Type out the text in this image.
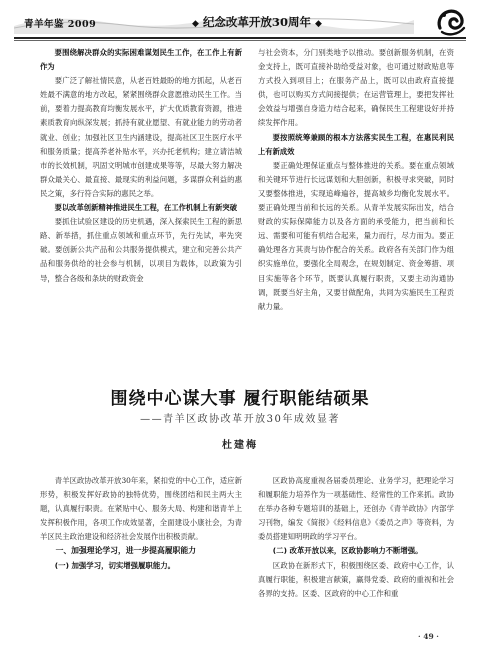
青羊年鉴 2009	◆ 纪念改革开放30周年 ◆

要围绕解决群众的实际困难谋划民生工作，在工作上有新作为

要广泛了解社情民意，从老百姓最盼的地方抓起，从老百姓最不满意的地方改起，紧紧围绕群众意愿推动民生工作。当前，要着力提高教育均衡发展水平，扩大优质教育资源，推进素质教育向纵深发展；抓持有就业愿望、有就业能力的劳动者就业、创业；加强社区卫生内涵建设，提高社区卫生医疗水平和服务质量；提高养老补贴水平，兴办托老机构；建立请洁城市的长效机制，巩固文明城市创建成果等等，尽最大努力解决群众最关心、最直接、最现实的利益问题，多谋群众利益的惠民之策，多行符合实际的惠民之举。

要以改革创新精神推进民生工程，在工作机制上有新突破

要抓住试验区建设的历史机遇，深入探索民生工程的新思路、新举措，抓住重点领域和重点环节，先行先试，率先突破。要创新公共产品和公共服务提供模式，建立和完善公共产品和服务供给的社会参与机制，以项目为载体，以政策为引导，整合各级和条块的财政资金

与社会资本，分门别类地予以推动。要创新服务机制，在资金支持上，既可直接补助给受益对象，也可通过财政贴息等方式投入到项目上；在服务产品上，既可以由政府直接提供，也可以购买方式间接提供；在运营管理上，要把发挥社会效益与增强自身造力结合起来，确保民生工程建设好并持续发挥作用。

要按照统筹兼顾的根本方法落实民生工程，在惠民利民上有新成效

要正确处理保证重点与整体推进的关系。要在重点领域和关键环节进行长远谋划和大胆创新，积极寻求突破，同时又要整体推进，实现追峰遍谷，提高城乡均衡化发展水平。要正确处理当前和长远的关系。从青羊发展实际出发，结合财政的实际保障能力以及各方面的承受能力，把当前和长远、需要和可能有机结合起来，量力而行，尽力而为。要正确处理各方其责与协作配合的关系。政府各有关部门作为组织实施单位，要强化全局观念，在规划制定、资金筹措、项目实施等各个环节，既要认真履行职责，又要主动沟通协调，既要当好主角，又要甘做配角，共同为实施民生工程贡献力量。

围绕中心谋大事 履行职能结硕果
——青羊区政协改革开放30年成效显著
杜建梅

青羊区政协改革开放30年来，紧扣党的中心工作，适应新形势，积极发挥好政协的独特优势，围绕团结和民主两大主题，认真履行职责。在紧贴中心、服务大局、构建和谐青羊上发挥积极作用，各项工作成效显著，全面建设小康社会，为青羊区民主政治建设和经济社会发展作出积极贡献。

一、加强理论学习，进一步提高履职能力

(一) 加强学习，切实增强履职能力。

区政协高度重视各届委员理论、业务学习，把理论学习和履职能力培养作为一项基础性、经常性的工作来抓。政协在举办各种专题培训的基础上，还创办《青羊政协》内部学习刊物，编发《简报》《经料信息》《委员之声》等资料，为委员搭建知明明政的学习平台。

(二) 改革开放以来，区政协影响力不断增强。

区政协在新形式下，积极围绕区委、政府中心工作，认真履行职能，积极建言献策，赢得党委、政府的重视和社会各界的支持。区委、区政府的中心工作和重

· 49 ·
